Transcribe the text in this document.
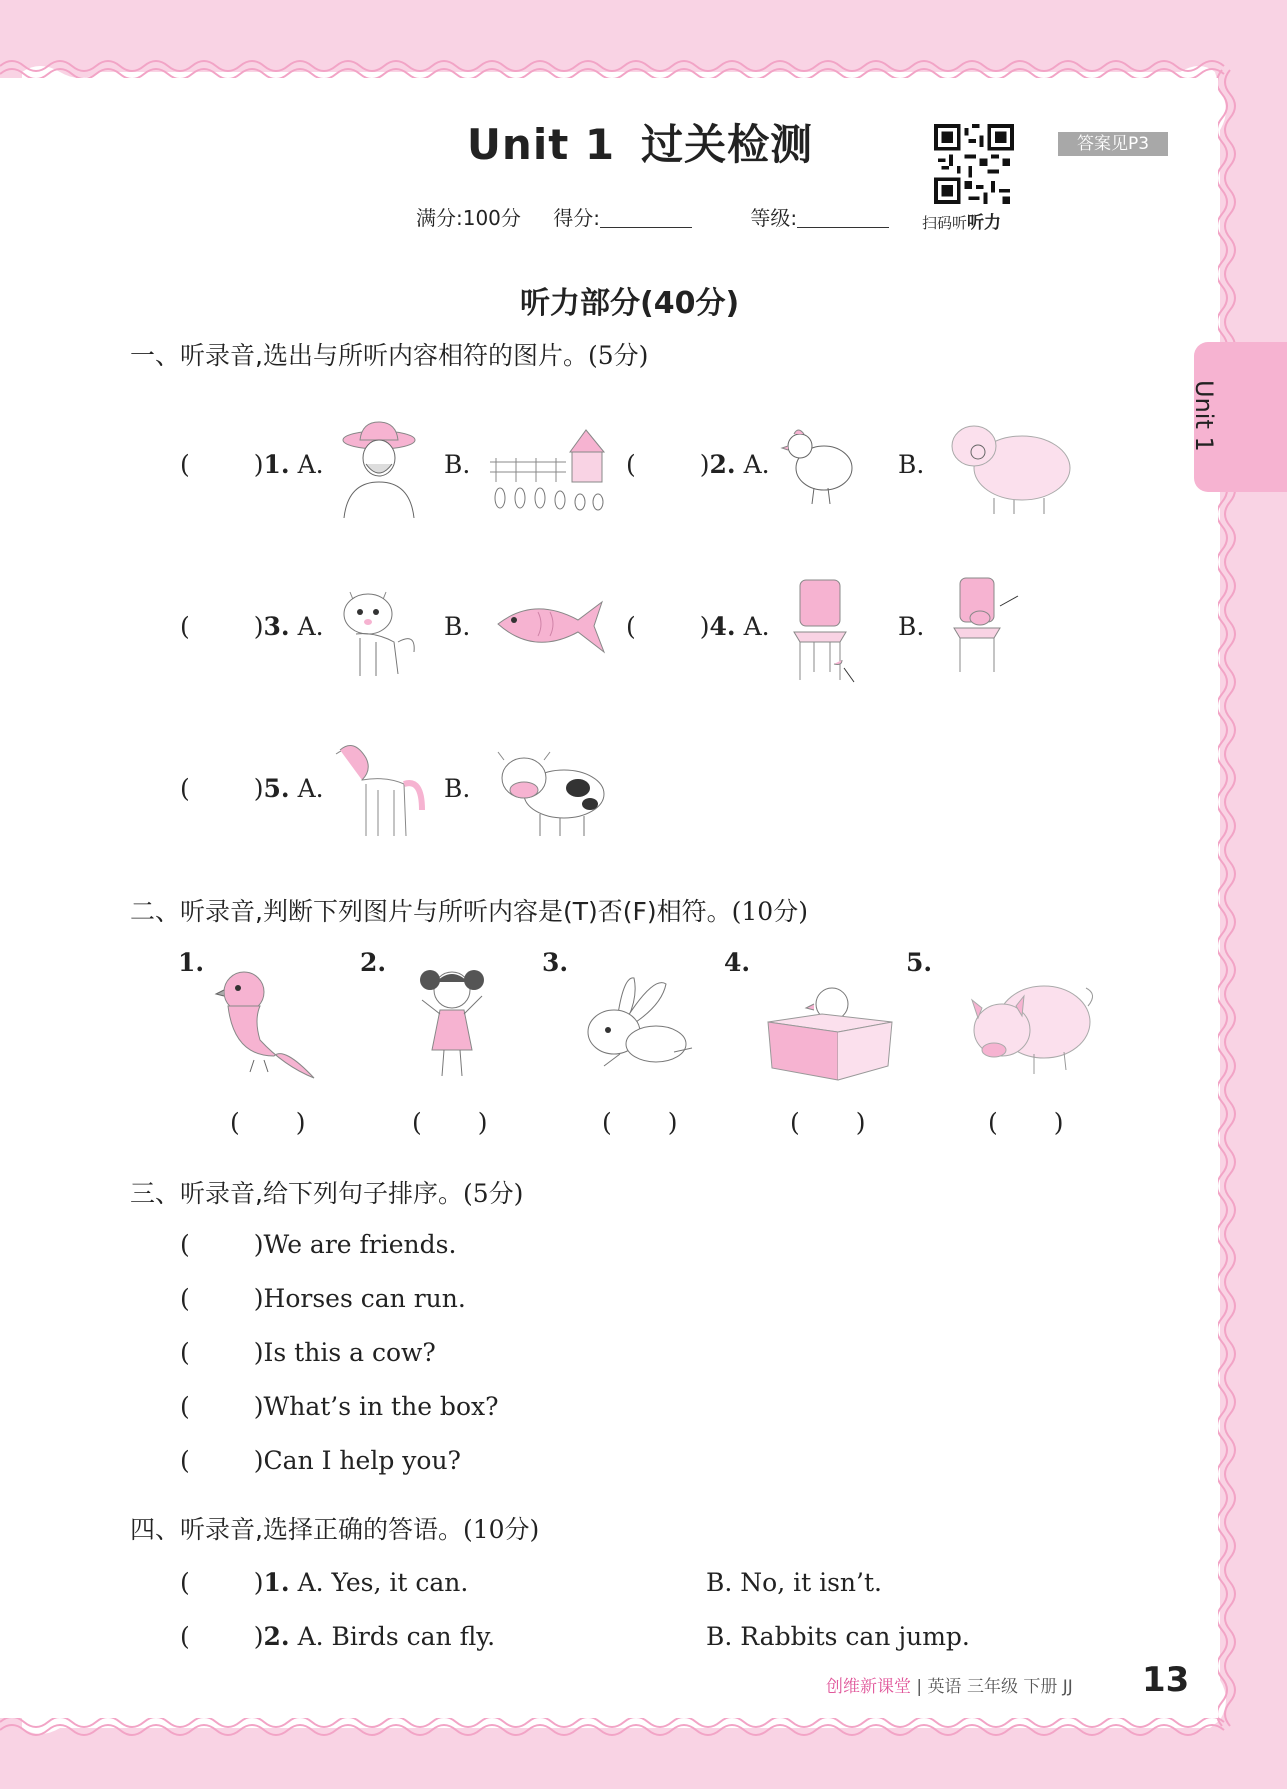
Unit 1
Unit 1 过关检测
扫码听听力
答案见P3
满分:100分 得分:	等级:
听力部分(40分)
一、听录音,选出与所听内容相符的图片。(5分)
(	)1. A.	B.	(	)2. A.	B.
(	)3. A.	B.	(	)4. A.	B.
(	)5. A.	B.
二、听录音,判断下列图片与所听内容是(T)否(F)相符。(10分)
1.	2.	3.	4.	5.
( )	( )	( )	( )	( )
三、听录音,给下列句子排序。(5分)
(	)We are friends.
(	)Horses can run.
(	)Is this a cow?
(	)What’s in the box?
(	)Can I help you?
四、听录音,选择正确的答语。(10分)
(	)1. A. Yes, it can.	B. No, it isn’t.
(	)2. A. Birds can fly.	B. Rabbits can jump.
创维新课堂 | 英语 三年级 下册 JJ 13
